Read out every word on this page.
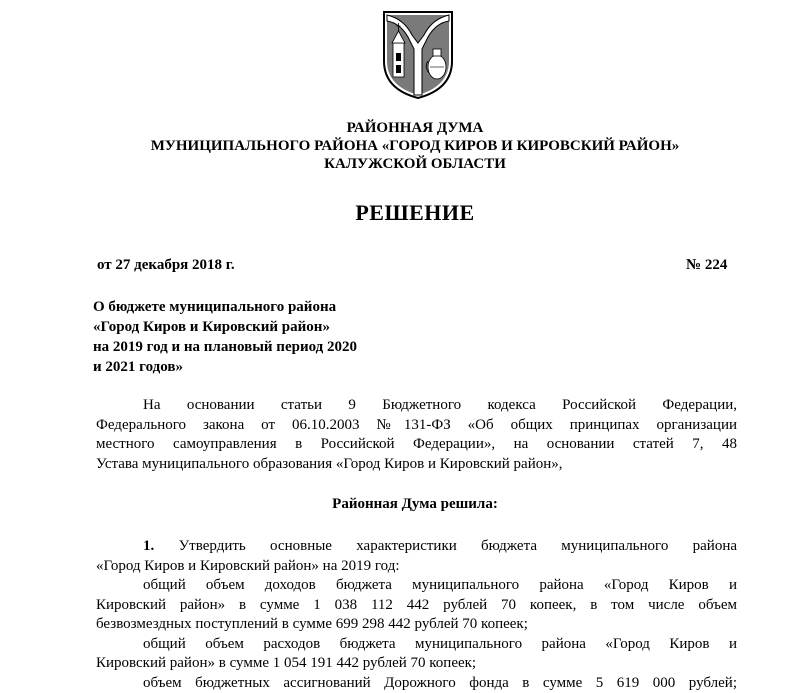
РАЙОННАЯ ДУМА
МУНИЦИПАЛЬНОГО РАЙОНА «ГОРОД КИРОВ И КИРОВСКИЙ РАЙОН»
КАЛУЖСКОЙ ОБЛАСТИ
РЕШЕНИЕ
от 27 декабря 2018 г.	№ 224
О бюджете муниципального района
«Город Киров и Кировский район»
на 2019 год и на плановый период 2020
и 2021 годов»
На основании статьи 9 Бюджетного кодекса Российской Федерации,
Федерального закона от 06.10.2003 №131-ФЗ «Об общих принципах организации
местного самоуправления в Российской Федерации», на основании статей 7, 48
Устава муниципального образования «Город Киров и Кировский район»,
Районная Дума решила:
1. Утвердить основные характеристики бюджета муниципального района
«Город Киров и Кировский район» на 2019 год:
общий объем доходов бюджета муниципального района «Город Киров и
Кировский район» в сумме 1 038 112 442 рублей 70 копеек, в том числе объем
безвозмездных поступлений в сумме 699 298 442 рублей 70 копеек;
общий объем расходов бюджета муниципального района «Город Киров и
Кировский район» в сумме 1 054 191 442 рублей 70 копеек;
объем бюджетных ассигнований Дорожного фонда в сумме 5 619 000 рублей;
